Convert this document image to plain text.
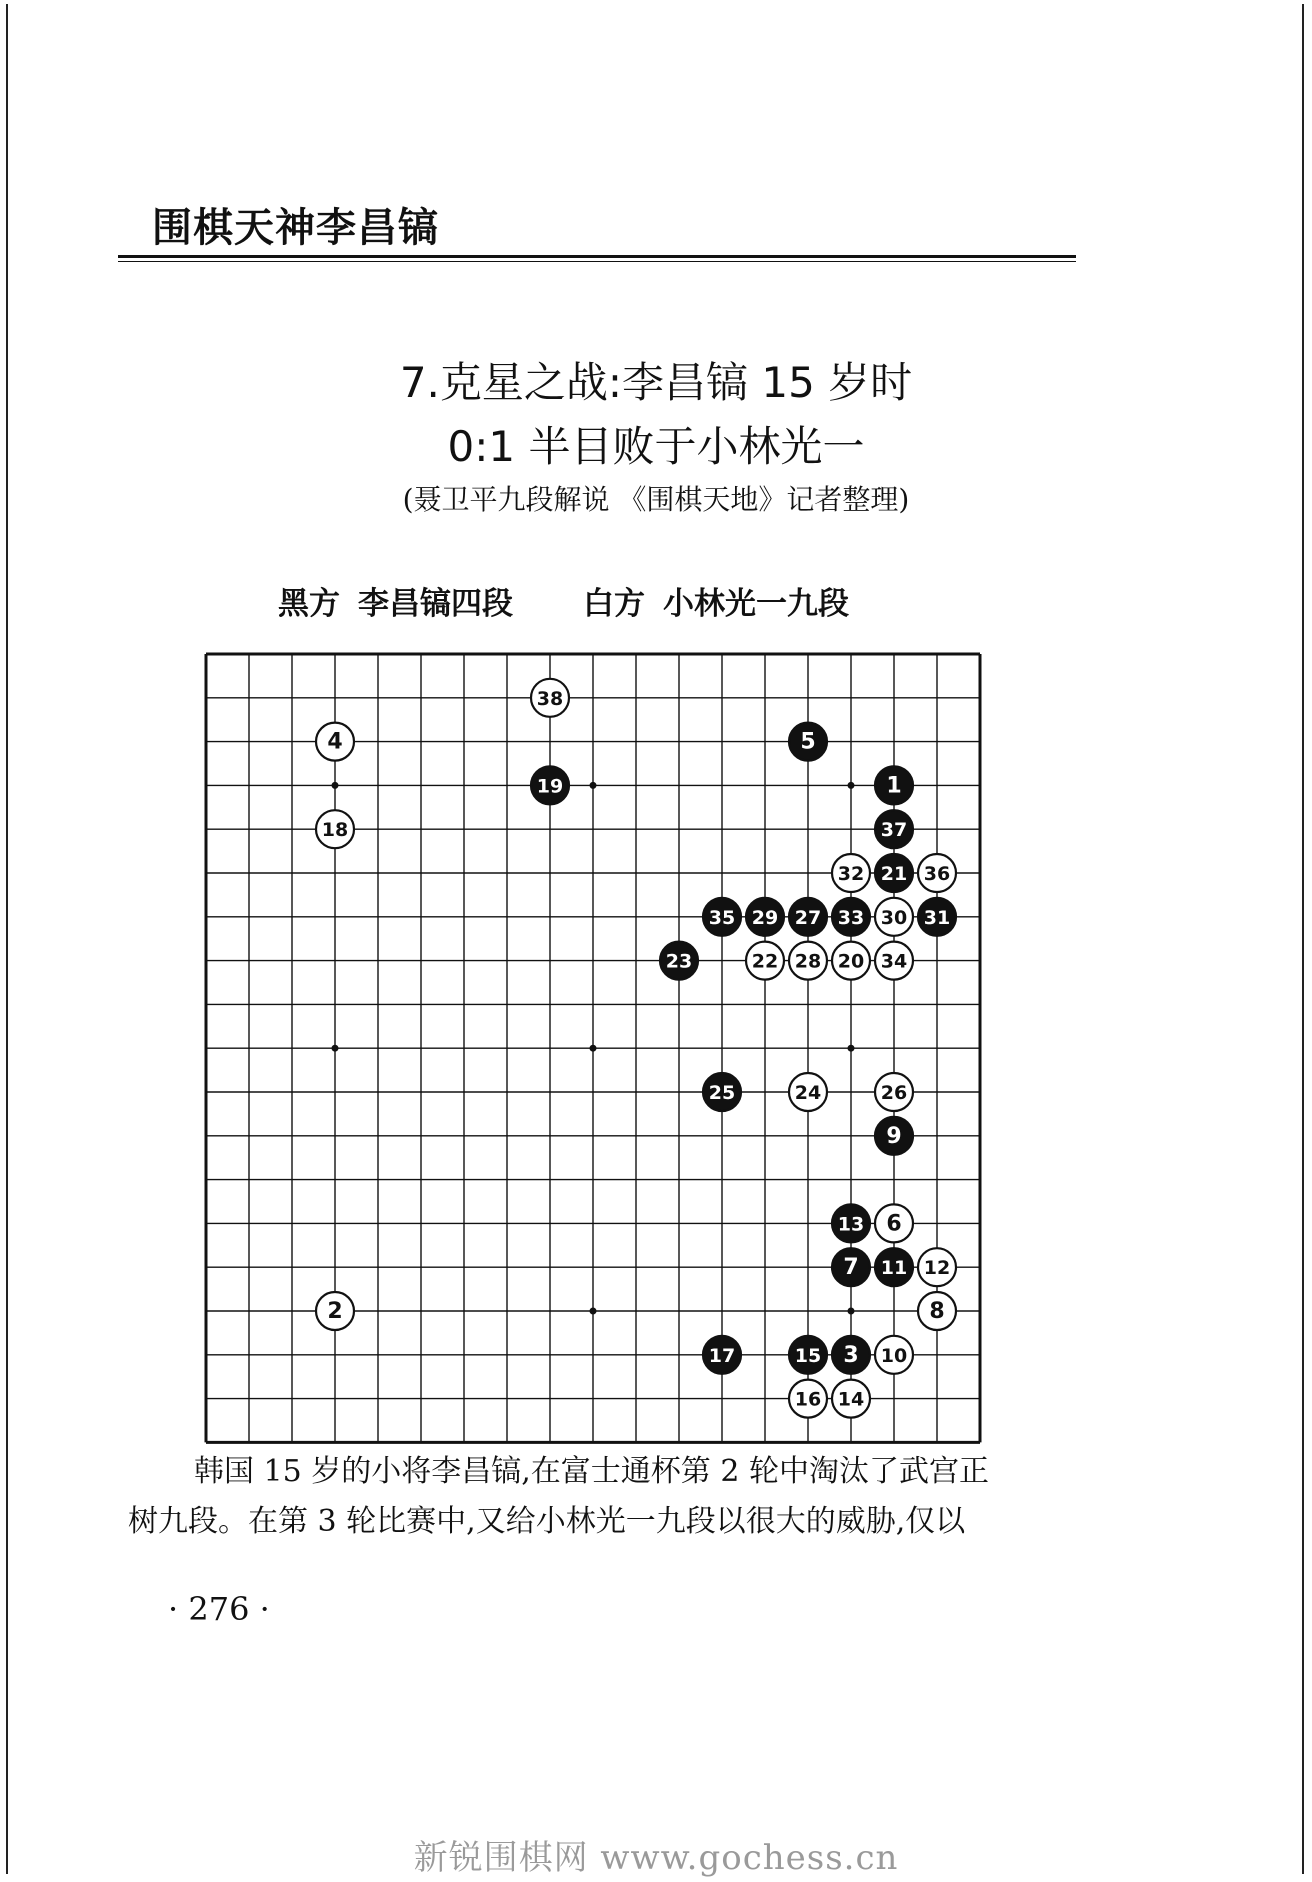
围棋天神李昌镐
7.克星之战:李昌镐 15 岁时
0:1 半目败于小林光一
(聂卫平九段解说 《围棋天地》记者整理)
黑方 李昌镐四段 白方 小林光一九段
1
2
3
4	5
6
7
8
9
10
11 12
13
14
15
16
17
18
19
20
21
22
23
24
25	26
27
28
29	30 31
32
33
34
35
36
37
38
韩国 15 岁的小将李昌镐,在富士通杯第 2 轮中淘汰了武宫正
树九段。在第 3 轮比赛中,又给小林光一九段以很大的威胁,仅以
· 276 ·
新锐围棋网 www.gochess.cn
